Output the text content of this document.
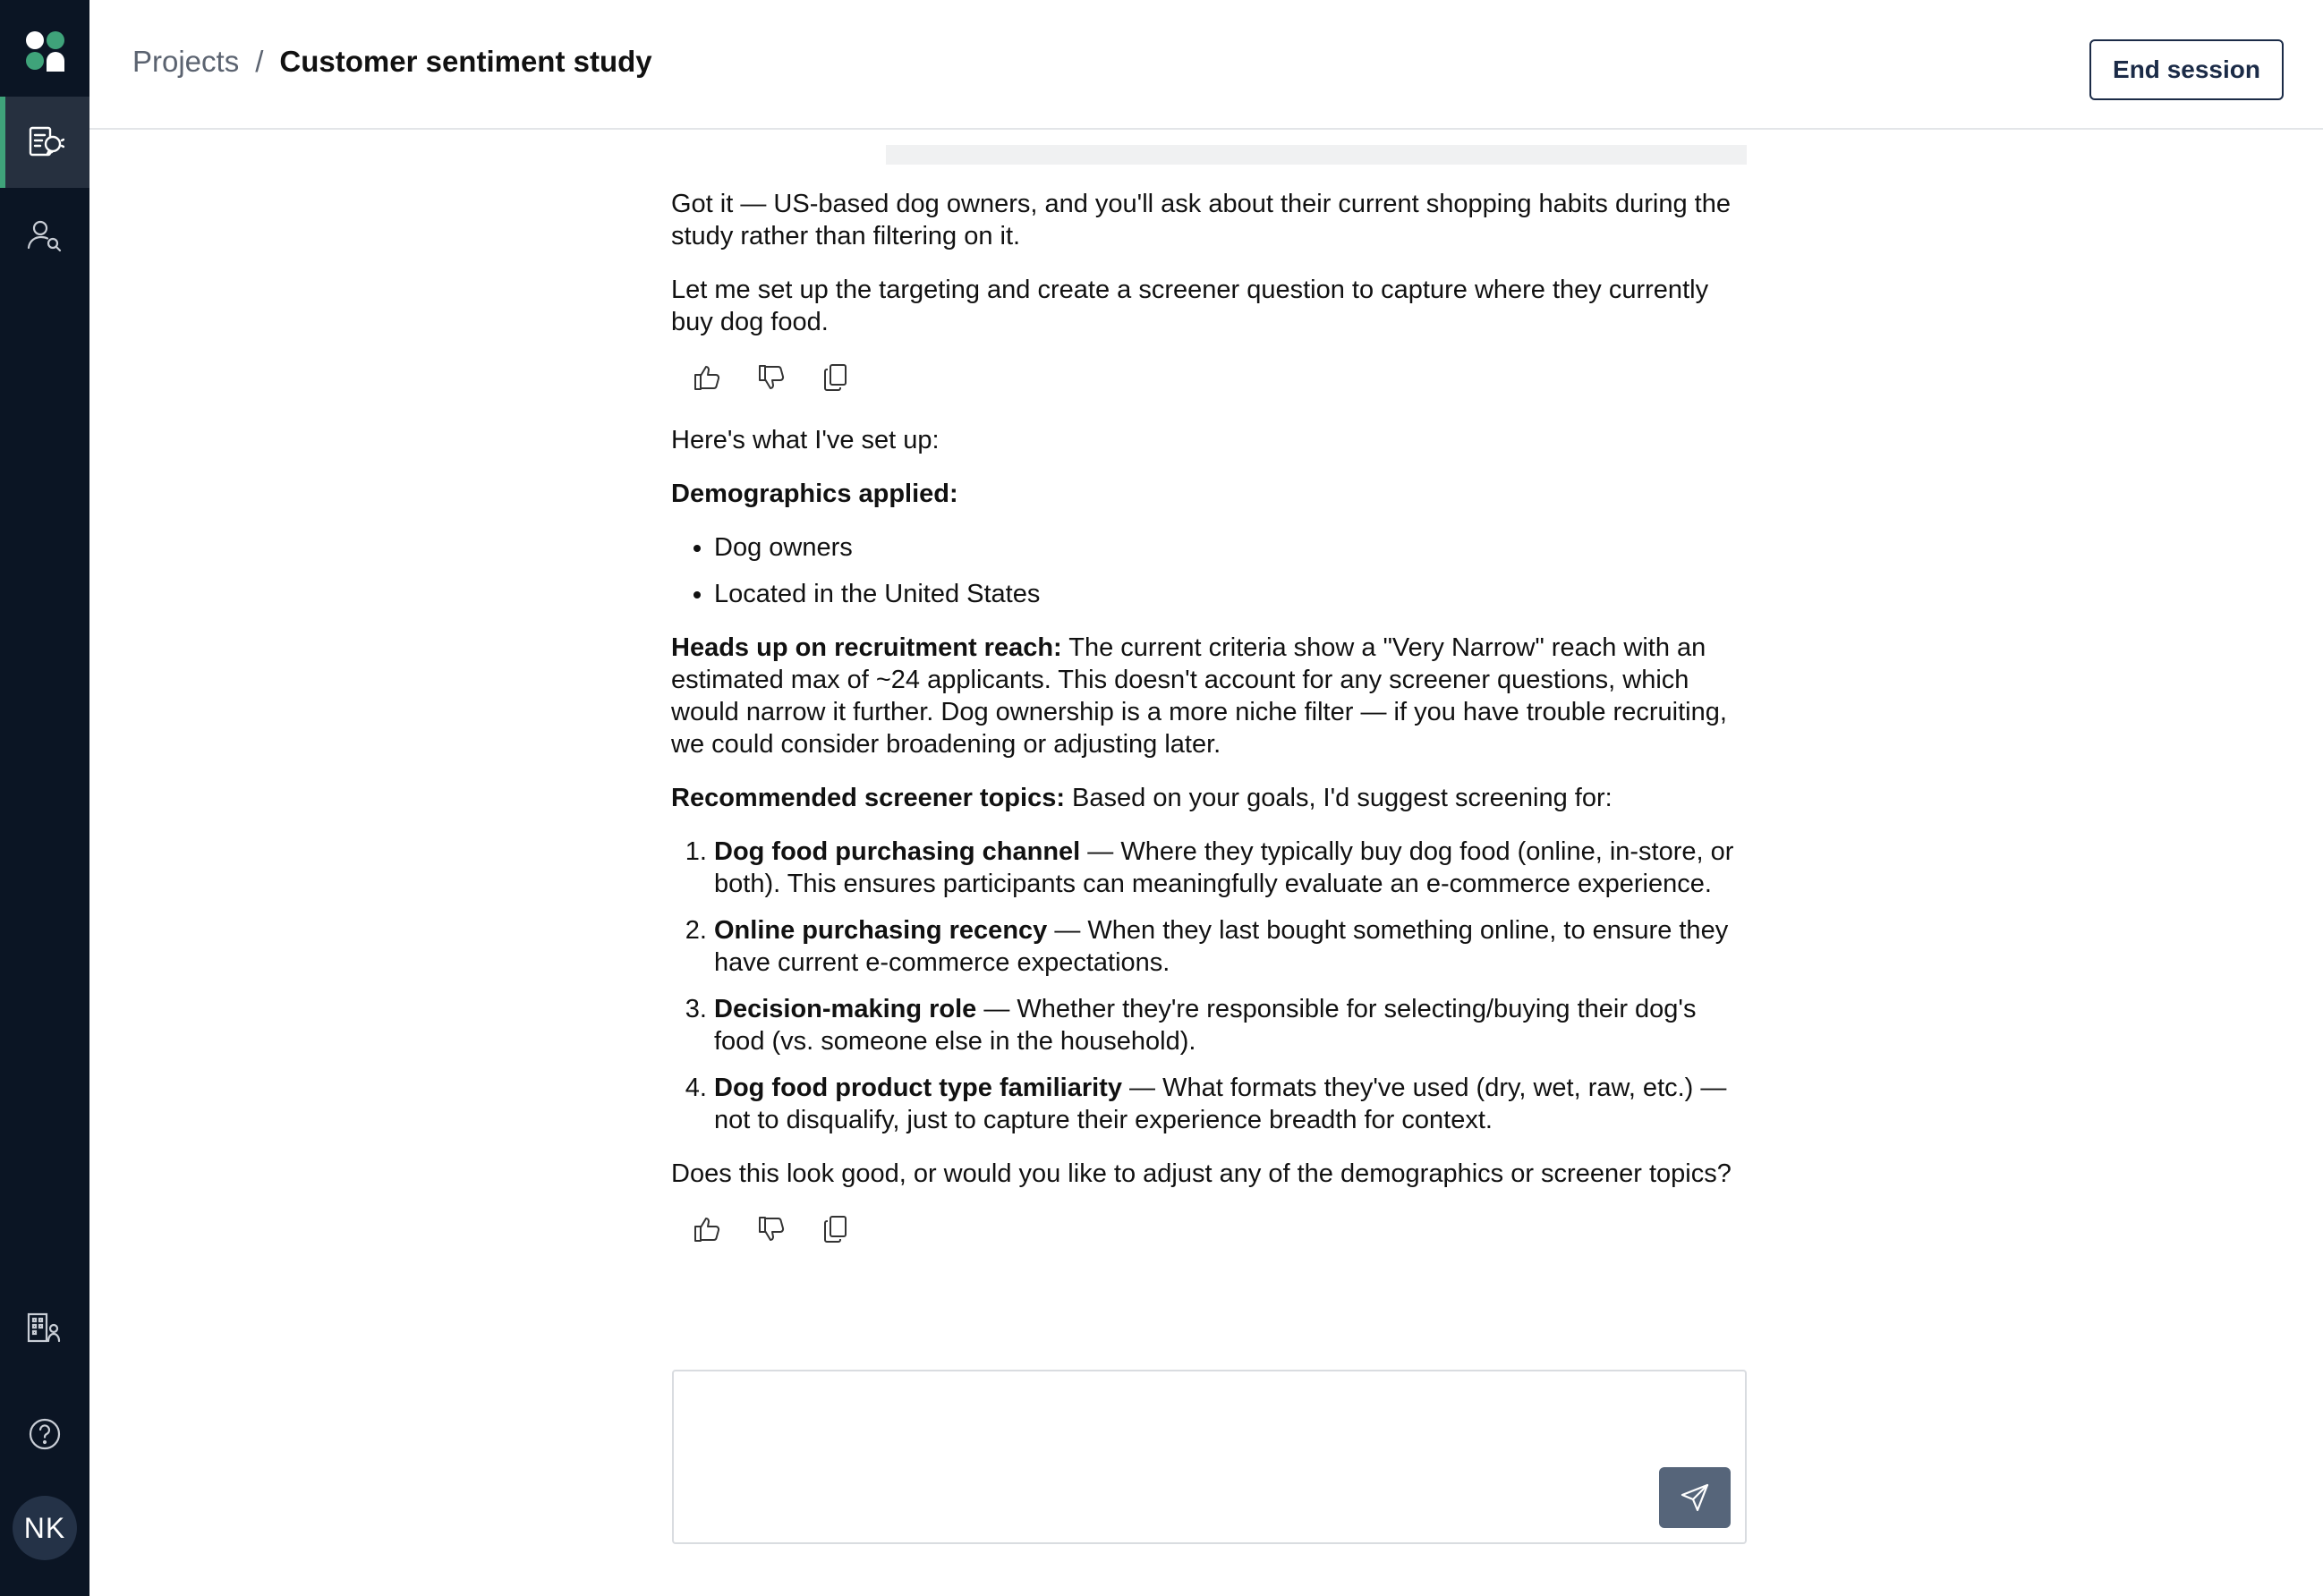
NK
Projects / Customer sentiment study	End session

Got it — US-based dog owners, and you'll ask about their current shopping habits during the study rather than filtering on it.

Let me set up the targeting and create a screener question to capture where they currently buy dog food.

Here's what I've set up:

Demographics applied:

• Dog owners
• Located in the United States

Heads up on recruitment reach: The current criteria show a "Very Narrow" reach with an estimated max of ~24 applicants. This doesn't account for any screener questions, which would narrow it further. Dog ownership is a more niche filter — if you have trouble recruiting, we could consider broadening or adjusting later.

Recommended screener topics: Based on your goals, I'd suggest screening for:

1. Dog food purchasing channel — Where they typically buy dog food (online, in-store, or both). This ensures participants can meaningfully evaluate an e-commerce experience.
2. Online purchasing recency — When they last bought something online, to ensure they have current e-commerce expectations.
3. Decision-making role — Whether they're responsible for selecting/buying their dog's food (vs. someone else in the household).
4. Dog food product type familiarity — What formats they've used (dry, wet, raw, etc.) — not to disqualify, just to capture their experience breadth for context.

Does this look good, or would you like to adjust any of the demographics or screener topics?
